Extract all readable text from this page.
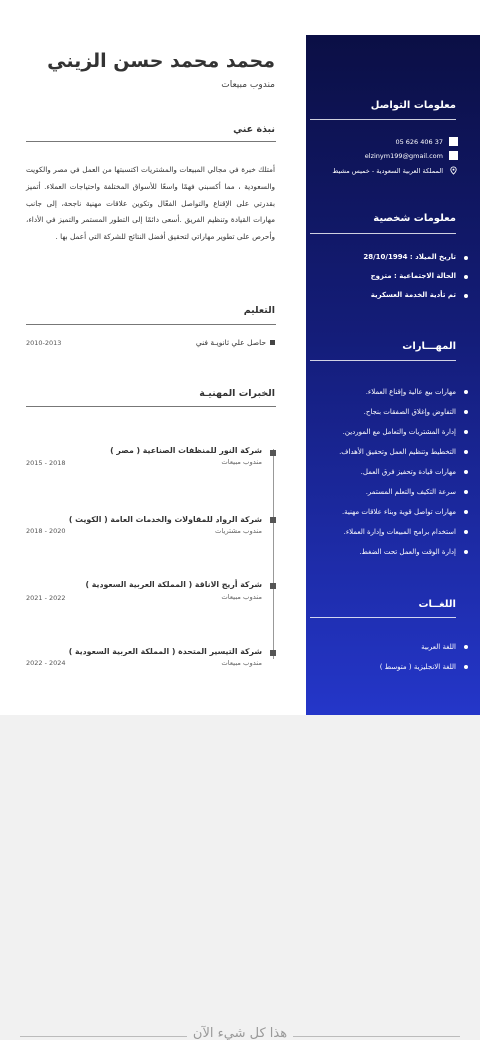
محمد محمد حسن الزيني
مندوب مبيعات
نبذة عني

أمتلك خبرة في مجالي المبيعات والمشتريات اكتسبتها من العمل في مصر والكويت والسعودية ، مما أكسبني فهمًا واسعًا للأسواق المختلفة واحتياجات العملاء. أتميز بقدرتي على الإقناع والتواصل الفعّال وتكوين علاقات مهنية ناجحة، إلى جانب مهارات القيادة وتنظيم الفريق .أسعى دائمًا إلى التطور المستمر والتميز في الأداء، وأحرص على تطوير مهاراتي لتحقيق أفضل النتائج للشركة التي أعمل بها .

التعليم
حاصل علي ثانويـة فني
2010-2013
الخبرات المهنيـة
شركة النور للمنظفات الصناعية ( مصر )
مندوب مبيعات
2015 - 2018
شركة الرواد للمقاولات والخدمات العامة ( الكويت )
مندوب مشتريات
2018 - 2020
شركة أريج الاناقة ( المملكة العربية السعودية )
مندوب مبيعات
2021 - 2022
شركة التيسير المتحدة ( المملكة العربية السعودية )
مندوب مبيعات
2022 - 2024
معلومات التواصل
05 626 406 37
elzinym199@gmail.com
المملكة العربية السعودية - خميس مشيط
معلومات شخصية
تاريخ الميلاد : 28/10/1994
الحالة الاجتماعية : متزوج
تم تأدية الخدمة العسكرية
المهـــارات
مهارات بيع عالية وإقناع العملاء.
التفاوض وإغلاق الصفقات بنجاح.
إدارة المشتريات والتعامل مع الموردين.
التخطيط وتنظيم العمل وتحقيق الأهداف.
مهارات قيادة وتحفيز فرق العمل.
سرعة التكيف والتعلم المستمر.
مهارات تواصل قوية وبناء علاقات مهنية.
استخدام برامج المبيعات وإدارة العملاء.
إدارة الوقت والعمل تحت الضغط.
اللغــات
اللغة العربية
اللغة الانجليزية ( متوسط )
هذا كل شيء الآن
